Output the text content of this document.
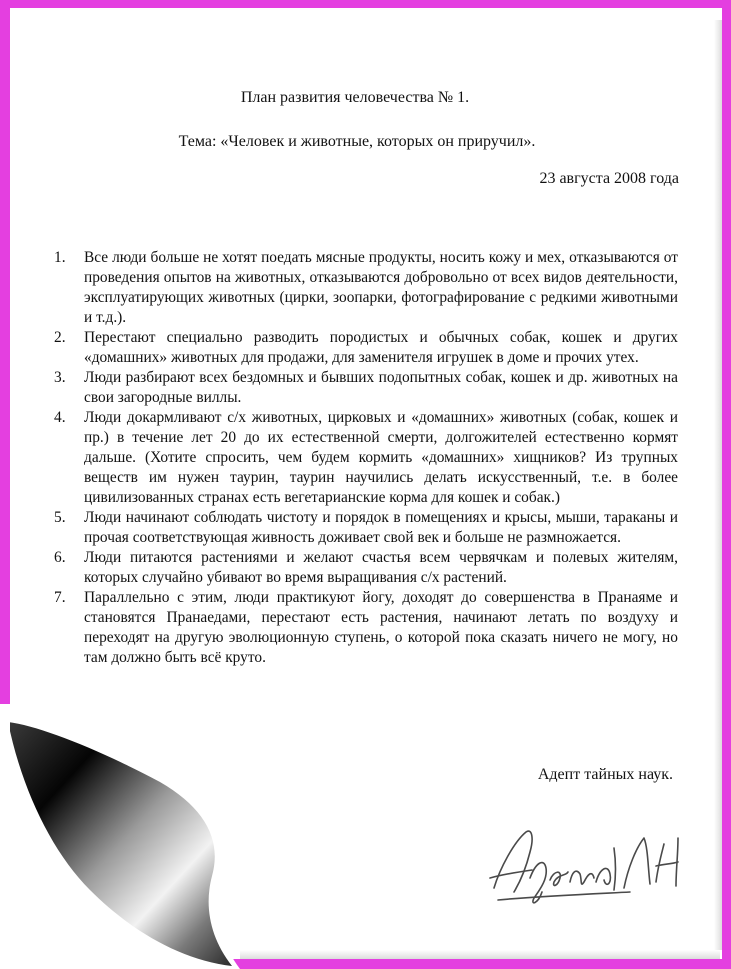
План развития человечества № 1.
Тема: «Человек и животные, которых он приручил».
23 августа 2008 года
1. Все люди больше не хотят поедать мясные продукты, носить кожу и мех, отказываются от проведения опытов на животных, отказываются добровольно от всех видов деятельности, эксплуатирующих животных (цирки, зоопарки, фотографирование с редкими животными и т.д.).
2. Перестают специально разводить породистых и обычных собак, кошек и других «домашних» животных для продажи, для заменителя игрушек в доме и прочих утех.
3. Люди разбирают всех бездомных и бывших подопытных собак, кошек и др. животных на свои загородные виллы.
4. Люди докармливают с/х животных, цирковых и «домашних» животных (собак, кошек и пр.) в течение лет 20 до их естественной смерти, долгожителей естественно кормят дальше. (Хотите спросить, чем будем кормить «домашних» хищников? Из трупных веществ им нужен таурин, таурин научились делать искусственный, т.е. в более цивилизованных странах есть вегетарианские корма для кошек и собак.)
5. Люди начинают соблюдать чистоту и порядок в помещениях и крысы, мыши, тараканы и прочая соответствующая живность доживает свой век и больше не размножается.
6. Люди питаются растениями и желают счастья всем червячкам и полевых жителям, которых случайно убивают во время выращивания с/х растений.
7. Параллельно с этим, люди практикуют йогу, доходят до совершенства в Пранаяме и становятся Пранаедами, перестают есть растения, начинают летать по воздуху и переходят на другую эволюционную ступень, о которой пока сказать ничего не могу, но там должно быть всё круто.
Адепт тайных наук.
